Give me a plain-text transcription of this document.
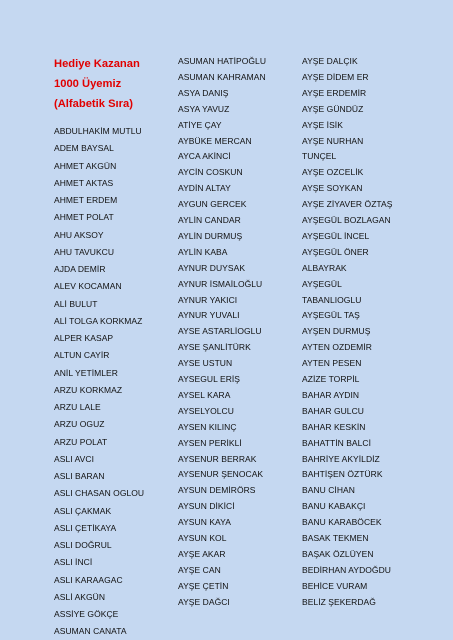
Hediye Kazanan
1000 Üyemiz
(Alfabetik Sıra)
ABDULHAKİM MUTLU
ADEM BAYSAL
AHMET AKGÜN
AHMET AKTAS
AHMET ERDEM
AHMET POLAT
AHU AKSOY
AHU TAVUKCU
AJDA DEMİR
ALEV KOCAMAN
ALİ BULUT
ALİ TOLGA KORKMAZ
ALPER KASAP
ALTUN CAYİR
ANİL YETİMLER
ARZU KORKMAZ
ARZU LALE
ARZU OGUZ
ARZU POLAT
ASLI AVCI
ASLI BARAN
ASLI CHASAN OGLOU
ASLI ÇAKMAK
ASLI ÇETİKAYA
ASLI DOĞRUL
ASLI İNCİ
ASLI KARAAGAC
ASLİ AKGÜN
ASSİYE GÖKÇE
ASUMAN CANATA
ASUMAN HATİPOĞLU
ASUMAN KAHRAMAN
ASYA DANIŞ
ASYA YAVUZ
ATİYE ÇAY
AYBÜKE MERCAN
AYCA AKİNCİ
AYCİN COSKUN
AYDİN ALTAY
AYGUN GERCEK
AYLİN CANDAR
AYLİN DURMUŞ
AYLİN KABA
AYNUR DUYSAK
AYNUR İSMAİLOĞLU
AYNUR YAKICI
AYNUR YUVALI
AYSE ASTARLİOGLU
AYSE ŞANLİTÜRK
AYSE USTUN
AYSEGUL ERİŞ
AYSEL KARA
AYSELYOLCU
AYSEN KILINÇ
AYSEN PERİKLİ
AYSENUR BERRAK
AYSENUR ŞENOCAK
AYSUN DEMİRÖRS
AYSUN DİKİCİ
AYSUN KAYA
AYSUN KOL
AYŞE AKAR
AYŞE CAN
AYŞE ÇETİN
AYŞE DAĞCI
AYŞE DALÇIK
AYŞE DİDEM ER
AYŞE ERDEMİR
AYŞE GÜNDÜZ
AYŞE İSİK
AYŞE NURHAN
TUNÇEL
AYŞE OZCELİK
AYŞE SOYKAN
AYŞE ZİYAVER ÖZTAŞ
AYŞEGÜL BOZLAGAN
AYŞEGÜL İNCEL
AYŞEGÜL ÖNER
ALBAYRAK
AYŞEGÜL
TABANLIOGLU
AYŞEGÜL TAŞ
AYŞEN DURMUŞ
AYTEN OZDEMİR
AYTEN PESEN
AZİZE TORPİL
BAHAR AYDIN
BAHAR GULCU
BAHAR KESKİN
BAHATTİN BALCİ
BAHRİYE AKYİLDİZ
BAHTİŞEN ÖZTÜRK
BANU CİHAN
BANU KABAKÇI
BANU KARABÖCEK
BASAK TEKMEN
BAŞAK ÖZLÜYEN
BEDİRHAN AYDOĞDU
BEHİCE VURAM
BELİZ ŞEKERDAĞ
